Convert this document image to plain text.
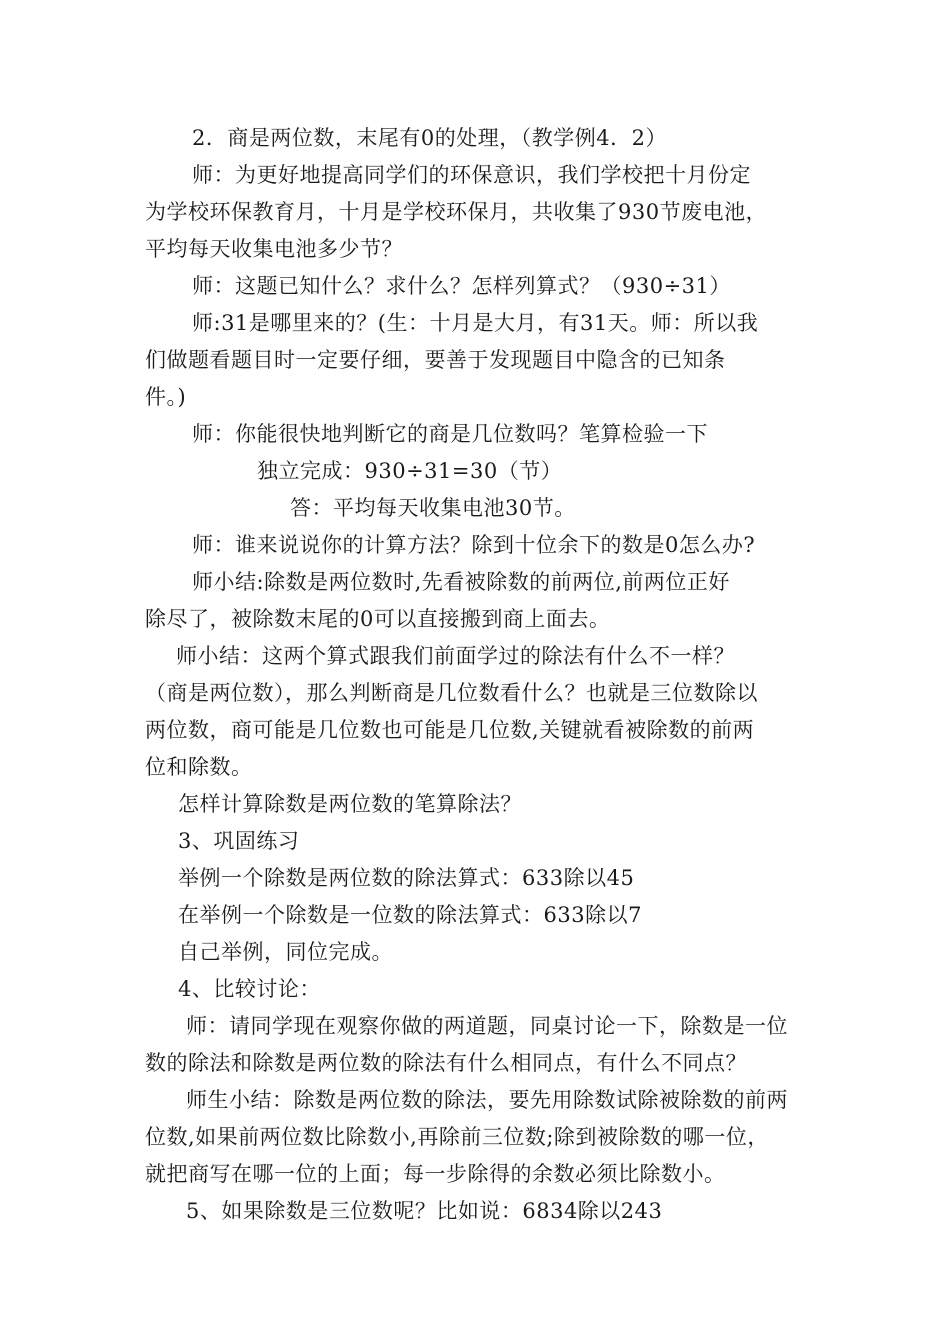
2．商是两位数，末尾有0的处理，（教学例4．2）
师：为更好地提高同学们的环保意识，我们学校把十月份定
为学校环保教育月，十月是学校环保月，共收集了930节废电池，
平均每天收集电池多少节？
师：这题已知什么？求什么？怎样列算式？（930÷31）
师:31是哪里来的？(生：十月是大月，有31天。师：所以我
们做题看题目时一定要仔细，要善于发现题目中隐含的已知条
件。)
师：你能很快地判断它的商是几位数吗？笔算检验一下
独立完成：930÷31=30（节）
答：平均每天收集电池30节。
师：谁来说说你的计算方法？除到十位余下的数是0怎么办?
师小结:除数是两位数时,先看被除数的前两位,前两位正好
除尽了，被除数末尾的0可以直接搬到商上面去。
师小结：这两个算式跟我们前面学过的除法有什么不一样？
（商是两位数），那么判断商是几位数看什么？也就是三位数除以
两位数，商可能是几位数也可能是几位数,关键就看被除数的前两
位和除数。
怎样计算除数是两位数的笔算除法？
3、巩固练习
举例一个除数是两位数的除法算式：633除以45
在举例一个除数是一位数的除法算式：633除以7
自己举例，同位完成。
4、比较讨论：
师：请同学现在观察你做的两道题，同桌讨论一下，除数是一位
数的除法和除数是两位数的除法有什么相同点，有什么不同点？
师生小结：除数是两位数的除法，要先用除数试除被除数的前两
位数,如果前两位数比除数小,再除前三位数;除到被除数的哪一位，
就把商写在哪一位的上面；每一步除得的余数必须比除数小。
5、如果除数是三位数呢？比如说：6834除以243
